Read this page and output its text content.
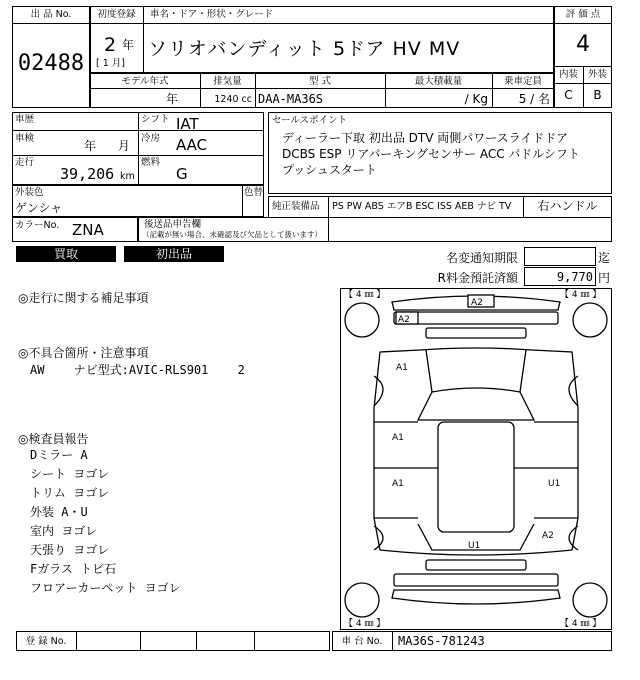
出 品 No.
02488
初度登録	車名・ドア・形状・グレード
2 年
[ 1 月]
ソリオバンディット 5ドア HV MV
評 価 点
4
内装	外装
C	B
モデル年式	排気量	型 式	最大積載量	乗車定員
年	1240 cc DAA-MA36S	/ Kg	5 / 名
車歴
車検
年 月
走行
39,206 km
シフト IAT
冷房 AAC
燃料
G
セールスポイント
ディーラー下取 初出品 DTV 両側パワースライドドア
DCBS ESP リアパーキングセンサー ACC パドルシフト
プッシュスタート
外装色
ゲンシャ
色替
純正装備品 PS PW ABS エアB ESC ISS AEB ナビ TV	右ハンドル
カラーNo. ZNA	後送品申告欄
（記載が無い場合、未確認及び欠品として扱います）
買取	初出品	名変通知期限	迄
R料金預託済額	9,770 円
◎走行に関する補足事項
◎不具合箇所・注意事項
AW ナビ型式:AVIC-RLS901 2
◎検査員報告
Dミラー A
シート ヨゴレ
トリム ヨゴレ
外装 A・U
室内 ヨゴレ
天張り ヨゴレ
Fガラス トビ石
フロアーカーペット ヨゴレ
【 4 ㎜ 】	【 4 ㎜ 】
【 4 ㎜ 】	【 4 ㎜ 】
A2
A2
A1
A1
A1	U1
U1
A2
登 録 No.	車 台 No.	MA36S-781243
